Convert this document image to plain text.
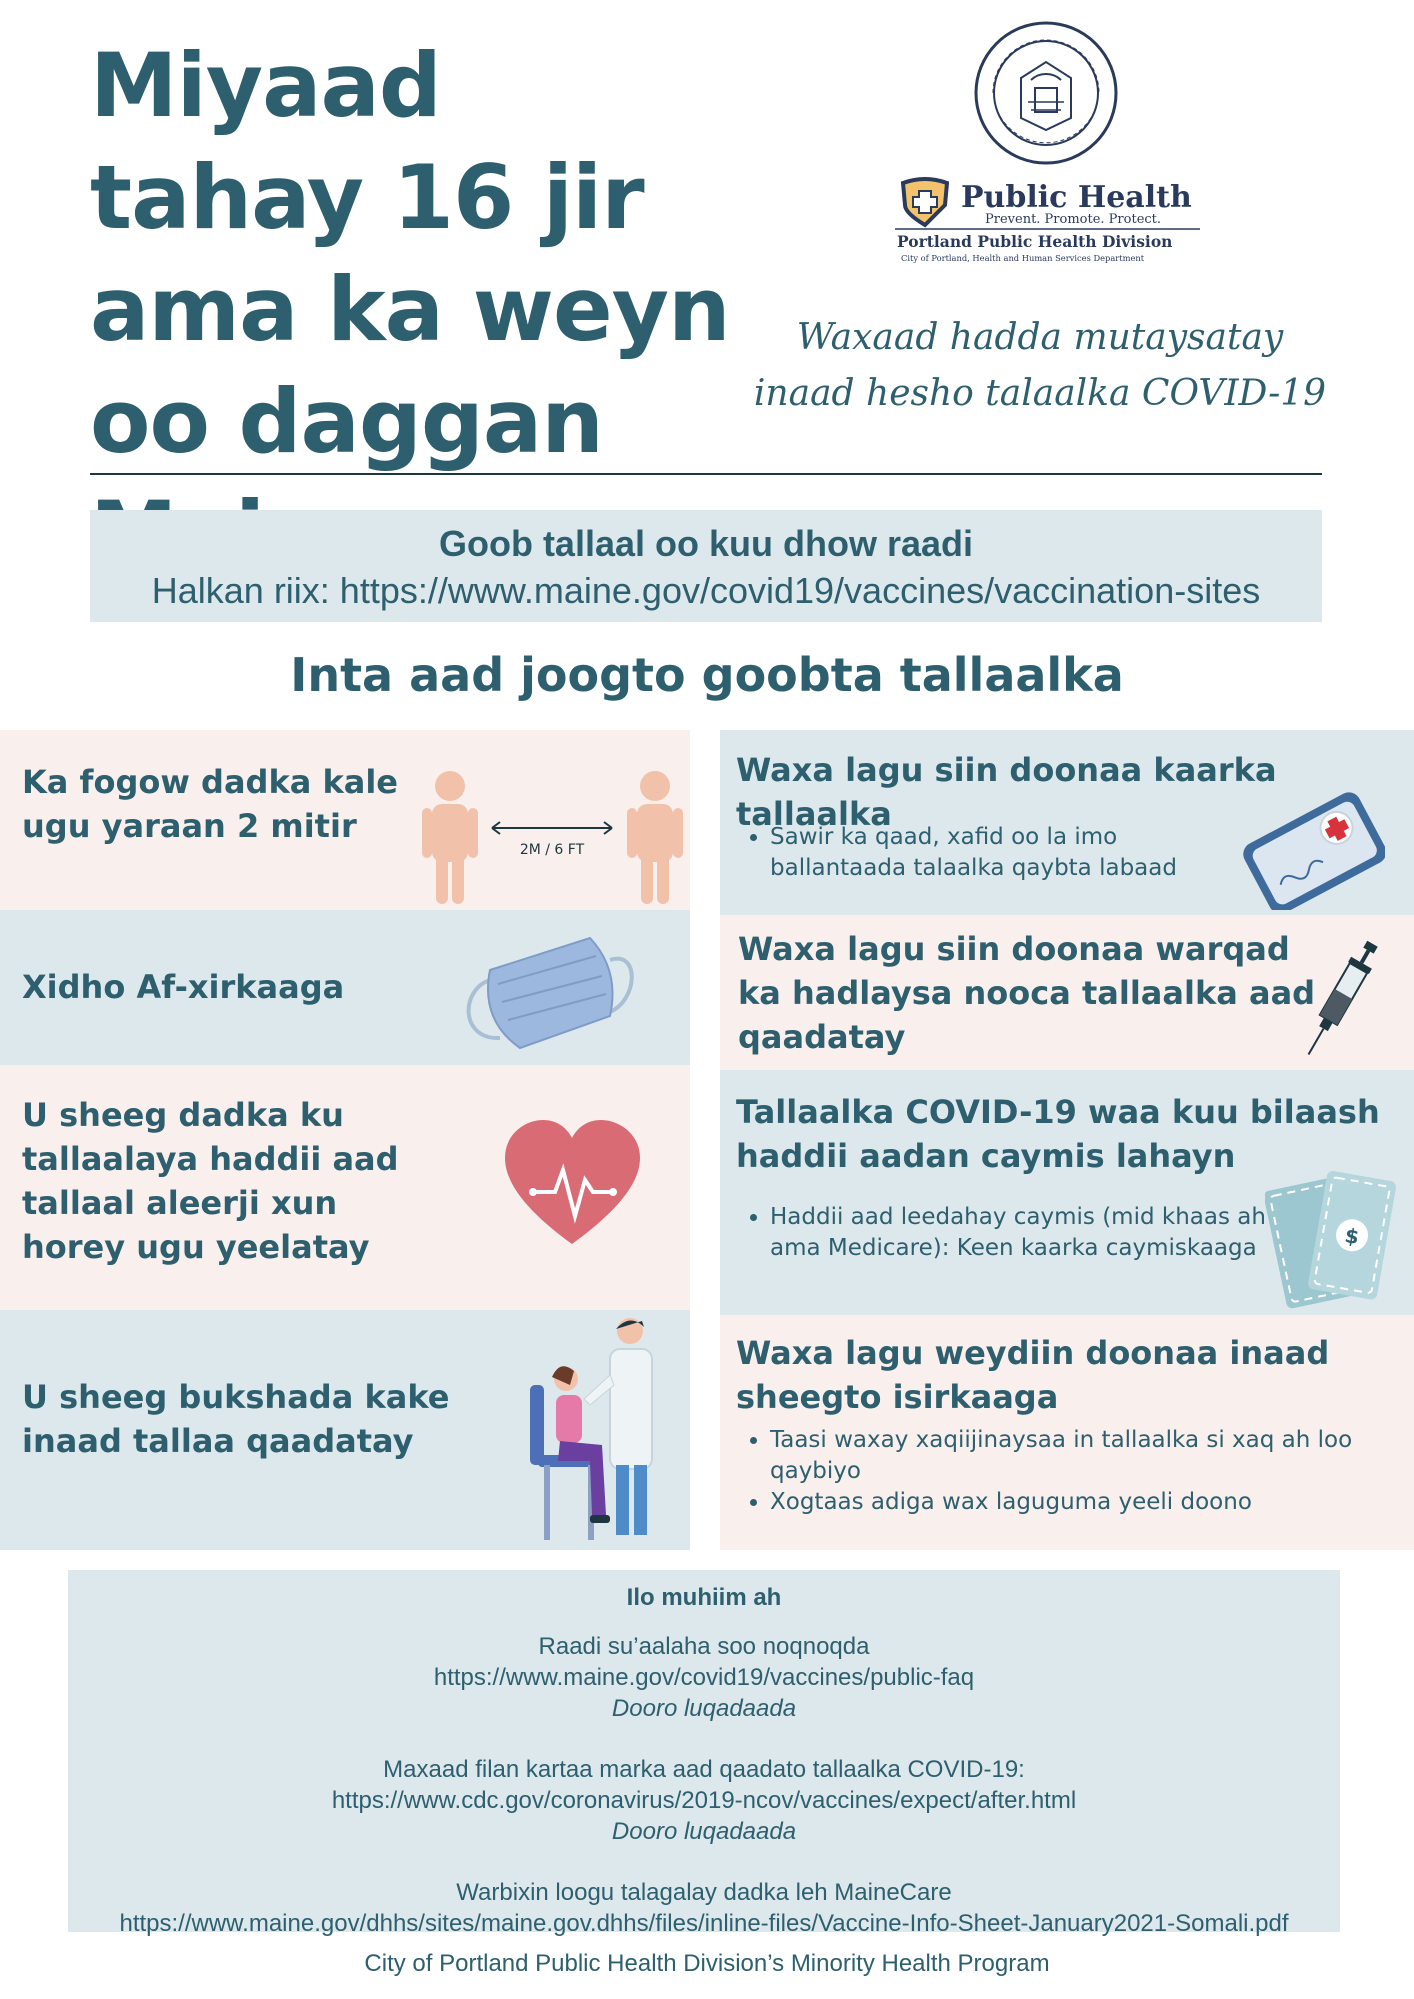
Miyaad tahay 16 jir ama ka weyn oo daggan
Public Health
Prevent. Promote. Protect.
Portland Public Health Division
City of Portland, Health and Human Services Department
Waxaad hadda mutaysatay
inaad hesho talaalka COVID-19
Goob tallaal oo kuu dhow raadi
Halkan riix: https://www.maine.gov/covid19/vaccines/vaccination-sites
Inta aad joogto goobta tallaalka
Ka fogow dadka kale ugu yaraan 2 mitir
2M / 6 FT
Xidho Af-xirkaaga
U sheeg dadka ku tallaalaya haddii aad tallaal aleerji xun horey ugu yeelatay
U sheeg bukshada kake inaad tallaa qaadatay
Waxa lagu siin doonaa kaarka tallaalka
• Sawir ka qaad, xafid oo la imo ballantaada talaalka qaybta labaad
Waxa lagu siin doonaa warqad ka hadlaysa nooca tallaalka aad qaadatay
Tallaalka COVID-19 waa kuu bilaash haddii aadan caymis lahayn
• Haddii aad leedahay caymis (mid khaas ah ama Medicare): Keen kaarka caymiskaaga	$
Waxa lagu weydiin doonaa inaad sheegto isirkaaga
• Taasi waxay xaqiijinaysaa in tallaalka si xaq ah loo qaybiyo
• Xogtaas adiga wax laguguma yeeli doono
Ilo muhiim ah
Raadi su’aalaha soo noqnoqda
https://www.maine.gov/covid19/vaccines/public-faq
Dooro luqadaada
Maxaad filan kartaa marka aad qaadato tallaalka COVID-19:
https://www.cdc.gov/coronavirus/2019-ncov/vaccines/expect/after.html
Dooro luqadaada
Warbixin loogu talagalay dadka leh MaineCare
https://www.maine.gov/dhhs/sites/maine.gov.dhhs/files/inline-files/Vaccine-Info-Sheet-January2021-Somali.pdf
City of Portland Public Health Division’s Minority Health Program
